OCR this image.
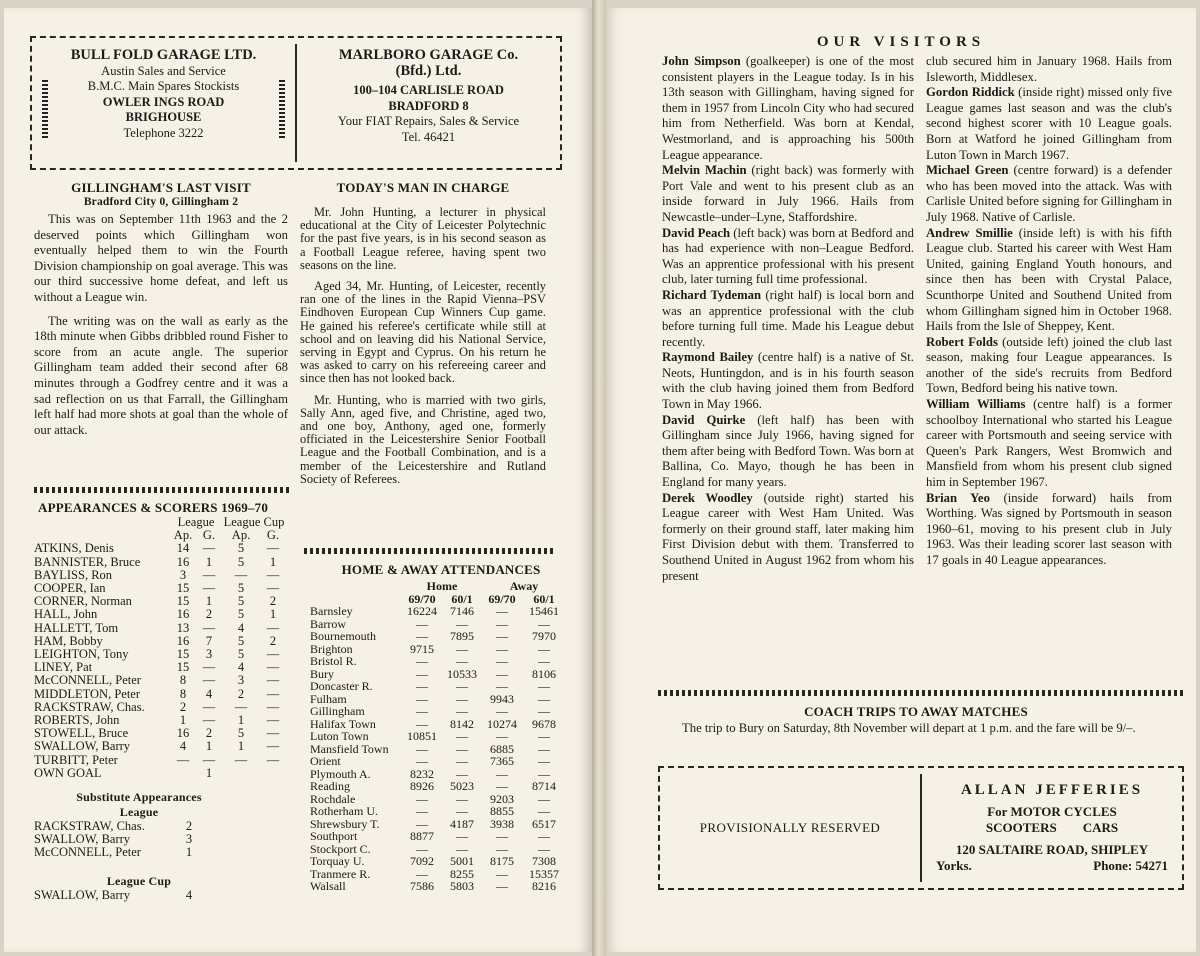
BULL FOLD GARAGE LTD.
Austin Sales and Service
B.M.C. Main Spares Stockists
OWLER INGS ROAD
BRIGHOUSE
Telephone 3222
MARLBORO GARAGE Co.
(Bfd.) Ltd.
100–104 CARLISLE ROAD
BRADFORD 8
Your FIAT Repairs, Sales & Service
Tel. 46421
GILLINGHAM'S LAST VISIT
Bradford City 0, Gillingham 2

This was on September 11th 1963 and the 2 deserved points which Gillingham won eventually helped them to win the Fourth Division championship on goal average. This was our third successive home defeat, and left us without a League win.

The writing was on the wall as early as the 18th minute when Gibbs dribbled round Fisher to score from an acute angle. The superior Gillingham team added their second after 68 minutes through a Godfrey centre and it was a sad reflection on us that Farrall, the Gillingham left half had more shots at goal than the whole of our attack.

APPEARANCES & SCORERS 1969–70
	League		League Cup	
	Ap.	G.	Ap.	G.
ATKINS, Denis	14	—	5	—
BANNISTER, Bruce	16	1	5	1
BAYLISS, Ron	3	—	—	—
COOPER, Ian	15	—	5	—
CORNER, Norman	15	1	5	2
HALL, John	16	2	5	1
HALLETT, Tom	13	—	4	—
HAM, Bobby	16	7	5	2
LEIGHTON, Tony	15	3	5	—
LINEY, Pat	15	—	4	—
McCONNELL, Peter	8	—	3	—
MIDDLETON, Peter	8	4	2	—
RACKSTRAW, Chas.	2	—	—	—
ROBERTS, John	1	—	1	—
STOWELL, Bruce	16	2	5	—
SWALLOW, Barry	4	1	1	—
TURBITT, Peter	—	—	—	—
OWN GOAL		1		
Substitute Appearances
League
RACKSTRAW, Chas.	2
SWALLOW, Barry	3
McCONNELL, Peter	1
League Cup
SWALLOW, Barry	4
TODAY'S MAN IN CHARGE

Mr. John Hunting, a lecturer in physical educational at the City of Leicester Polytechnic for the past five years, is in his second season as a Football League referee, having spent two seasons on the line.

Aged 34, Mr. Hunting, of Leicester, recently ran one of the lines in the Rapid Vienna–PSV Eindhoven European Cup Winners Cup game. He gained his referee's certificate while still at school and on leaving did his National Service, serving in Egypt and Cyprus. On his return he was asked to carry on his refereeing career and since then has not looked back.

Mr. Hunting, who is married with two girls, Sally Ann, aged five, and Christine, aged two, and one boy, Anthony, aged one, formerly officiated in the Leicestershire Senior Football League and the Football Combination, and is a member of the Leicestershire and Rutland Society of Referees.

HOME & AWAY ATTENDANCES
	Home		Away	
	69/70	60/1	69/70	60/1
Barnsley	16224	7146	—	15461
Barrow	—	—	—	—
Bournemouth	—	7895	—	7970
Brighton	9715	—	—	—
Bristol R.	—	—	—	—
Bury	—	10533	—	8106
Doncaster R.	—	—	—	—
Fulham	—	—	9943	—
Gillingham	—	—	—	—
Halifax Town	—	8142	10274	9678
Luton Town	10851	—	—	—
Mansfield Town	—	—	6885	—
Orient	—	—	7365	—
Plymouth A.	8232	—	—	—
Reading	8926	5023	—	8714
Rochdale	—	—	9203	—
Rotherham U.	—	—	8855	—
Shrewsbury T.	—	4187	3938	6517
Southport	8877	—	—	—
Stockport C.	—	—	—	—
Torquay U.	7092	5001	8175	7308
Tranmere R.	—	8255	—	15357
Walsall	7586	5803	—	8216
OUR VISITORS

John Simpson (goalkeeper) is one of the most consistent players in the League today. Is in his 13th season with Gillingham, having signed for them in 1957 from Lincoln City who had secured him from Netherfield. Was born at Kendal, Westmorland, and is approaching his 500th League appearance.

Melvin Machin (right back) was formerly with Port Vale and went to his present club as an inside forward in July 1966. Hails from Newcastle–under–Lyne, Staffordshire.

David Peach (left back) was born at Bedford and has had experience with non–League Bedford. Was an apprentice professional with his present club, later turning full time professional.

Richard Tydeman (right half) is local born and was an apprentice professional with the club before turning full time. Made his League debut recently.

Raymond Bailey (centre half) is a native of St. Neots, Huntingdon, and is in his fourth season with the club having joined them from Bedford Town in May 1966.

David Quirke (left half) has been with Gillingham since July 1966, having signed for them after being with Bedford Town. Was born at Ballina, Co. Mayo, though he has been in England for many years.

Derek Woodley (outside right) started his League career with West Ham United. Was formerly on their ground staff, later making him First Division debut with them. Transferred to Southend United in August 1962 from whom his present

club secured him in January 1968. Hails from Isleworth, Middlesex.

Gordon Riddick (inside right) missed only five League games last season and was the club's second highest scorer with 10 League goals. Born at Watford he joined Gillingham from Luton Town in March 1967.

Michael Green (centre forward) is a defender who has been moved into the attack. Was with Carlisle United before signing for Gillingham in July 1968. Native of Carlisle.

Andrew Smillie (inside left) is with his fifth League club. Started his career with West Ham United, gaining England Youth honours, and since then has been with Crystal Palace, Scunthorpe United and Southend United from whom Gillingham signed him in October 1968. Hails from the Isle of Sheppey, Kent.

Robert Folds (outside left) joined the club last season, making four League appearances. Is another of the side's recruits from Bedford Town, Bedford being his native town.

William Williams (centre half) is a former schoolboy International who started his League career with Portsmouth and seeing service with Queen's Park Rangers, West Bromwich and Mansfield from whom his present club signed him in September 1967.

Brian Yeo (inside forward) hails from Worthing. Was signed by Portsmouth in season 1960–61, moving to his present club in July 1963. Was their leading scorer last season with 17 goals in 40 League appearances.

COACH TRIPS TO AWAY MATCHES

The trip to Bury on Saturday, 8th November will depart at 1 p.m. and the fare will be 9/–.

PROVISIONALLY RESERVED
ALLAN JEFFERIES
For MOTOR CYCLES
SCOOTERS        CARS
120 SALTAIRE ROAD, SHIPLEY
Yorks.	Phone: 54271
